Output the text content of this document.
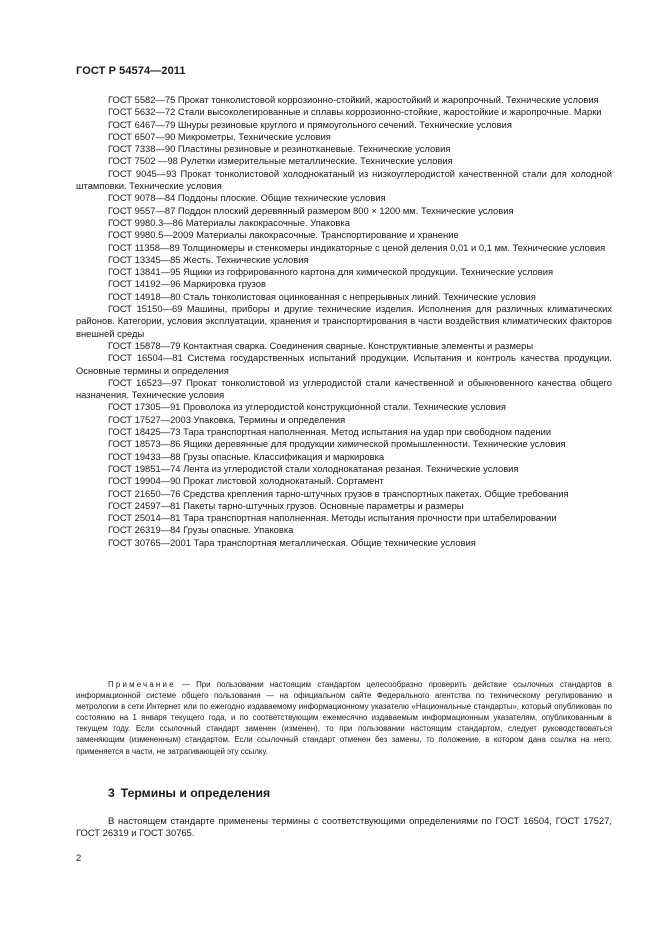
ГОСТ Р 54574—2011

ГОСТ 5582—75 Прокат тонколистовой коррозионно-стойкий, жаростойкий и жаропрочный. Технические условия

ГОСТ 5632—72 Стали высоколегированные и сплавы коррозионно-стойкие, жаростойкие и жаропрочные. Марки

ГОСТ 6467—79 Шнуры резиновые круглого и прямоугольного сечений. Технические условия

ГОСТ 6507—90 Микрометры. Технические условия

ГОСТ 7338—90 Пластины резиновые и резинотканевые. Технические условия

ГОСТ 7502 —98 Рулетки измерительные металлические. Технические условия

ГОСТ 9045—93 Прокат тонколистовой холоднокатаный из низкоуглеродистой качественной стали для холодной штамповки. Технические условия

ГОСТ 9078—84 Поддоны плоские. Общие технические условия

ГОСТ 9557—87 Поддон плоский деревянный размером 800 × 1200 мм. Технические условия

ГОСТ 9980.3—86 Материалы лакокрасочные. Упаковка

ГОСТ 9980.5—2009 Материалы лакокрасочные. Транспортирование и хранение

ГОСТ 11358—89 Толщиномеры и стенкомеры индикаторные с ценой деления 0,01 и 0,1 мм. Технические условия

ГОСТ 13345—85 Жесть. Технические условия

ГОСТ 13841—95 Ящики из гофрированного картона для химической продукции. Технические условия

ГОСТ 14192—96 Маркировка грузов

ГОСТ 14918—80 Сталь тонколистовая оцинкованная с непрерывных линий. Технические условия

ГОСТ 15150—69 Машины, приборы и другие технические изделия. Исполнения для различных климатических районов. Категории, условия эксплуатации, хранения и транспортирования в части воздействия климатических факторов внешней среды

ГОСТ 15878—79 Контактная сварка. Соединения сварные. Конструктивные элементы и размеры

ГОСТ 16504—81 Система государственных испытаний продукции. Испытания и контроль качества продукции. Основные термины и определения

ГОСТ 16523—97 Прокат тонколистовой из углеродистой стали качественной и обыкновенного качества общего назначения. Технические условия

ГОСТ 17305—91 Проволока из углеродистой конструкционной стали. Технические условия

ГОСТ 17527—2003 Упаковка. Термины и определения

ГОСТ 18425—73 Тара транспортная наполненная. Метод испытания на удар при свободном падении

ГОСТ 18573—86 Ящики деревянные для продукции химической промышленности. Технические условия

ГОСТ 19433—88 Грузы опасные. Классификация и маркировка

ГОСТ 19851—74 Лента из углеродистой стали холоднокатаная резаная. Технические условия

ГОСТ 19904—90 Прокат листовой холоднокатаный. Сортамент

ГОСТ 21650—76 Средства крепления тарно-штучных грузов в транспортных пакетах. Общие требования

ГОСТ 24597—81 Пакеты тарно-штучных грузов. Основные параметры и размеры

ГОСТ 25014—81 Тара транспортная наполненная. Методы испытания прочности при штабелировании

ГОСТ 26319—84 Грузы опасные. Упаковка

ГОСТ 30765—2001 Тара транспортная металлическая. Общие технические условия

Примечание — При пользовании настоящим стандартом целесообразно проверить действие ссылочных стандартов в информационной системе общего пользования — на официальном сайте Федерального агентства по техническому регулированию и метрологии в сети Интернет или по ежегодно издаваемому информационному указателю «Национальные стандарты», который опубликован по состоянию на 1 января текущего года, и по соответствующим ежемесячно издаваемым информационным указателям, опубликованным в текущем году. Если ссылочный стандарт заменен (изменен), то при пользовании настоящим стандартом, следует руководствоваться заменяющим (измененным) стандартом. Если ссылочный стандарт отменен без замены, то положение, в котором дана ссылка на него, применяется в части, не затрагивающей эту ссылку.

3 Термины и определения

В настоящем стандарте применены термины с соответствующими определениями по ГОСТ 16504, ГОСТ 17527, ГОСТ 26319 и ГОСТ 30765.

2
